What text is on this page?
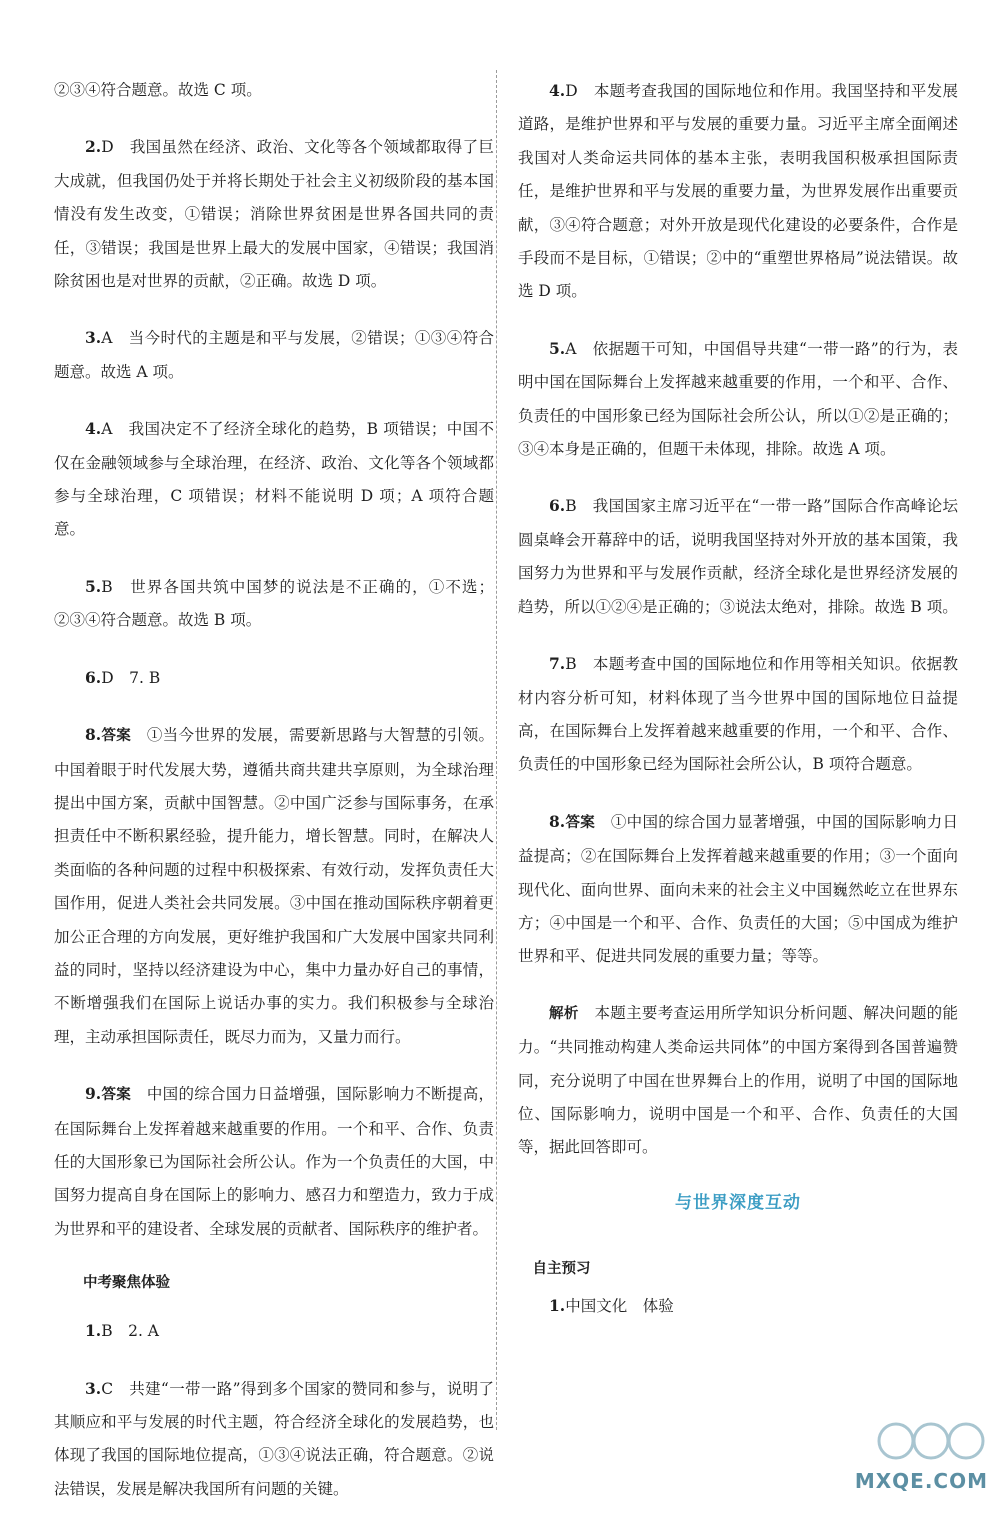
②③④符合题意。故选 C 项。

2.D　我国虽然在经济、政治、文化等各个领域都取得了巨大成就，但我国仍处于并将长期处于社会主义初级阶段的基本国情没有发生改变，①错误；消除世界贫困是世界各国共同的责任，③错误；我国是世界上最大的发展中国家，④错误；我国消除贫困也是对世界的贡献，②正确。故选 D 项。

3.A　当今时代的主题是和平与发展，②错误；①③④符合题意。故选 A 项。

4.A　我国决定不了经济全球化的趋势，B 项错误；中国不仅在金融领域参与全球治理，在经济、政治、文化等各个领域都参与全球治理，C 项错误；材料不能说明 D 项；A 项符合题意。

5.B　世界各国共筑中国梦的说法是不正确的，①不选；②③④符合题意。故选 B 项。

6.D　7. B

8.答案  ①当今世界的发展，需要新思路与大智慧的引领。中国着眼于时代发展大势，遵循共商共建共享原则，为全球治理提出中国方案，贡献中国智慧。②中国广泛参与国际事务，在承担责任中不断积累经验，提升能力，增长智慧。同时，在解决人类面临的各种问题的过程中积极探索、有效行动，发挥负责任大国作用，促进人类社会共同发展。③中国在推动国际秩序朝着更加公正合理的方向发展，更好维护我国和广大发展中国家共同利益的同时，坚持以经济建设为中心，集中力量办好自己的事情，不断增强我们在国际上说话办事的实力。我们积极参与全球治理，主动承担国际责任，既尽力而为，又量力而行。

9.答案  中国的综合国力日益增强，国际影响力不断提高，在国际舞台上发挥着越来越重要的作用。一个和平、合作、负责任的大国形象已为国际社会所公认。作为一个负责任的大国，中国努力提高自身在国际上的影响力、感召力和塑造力，致力于成为世界和平的建设者、全球发展的贡献者、国际秩序的维护者。

中考聚焦体验

1.B　2. A

3.C　共建“一带一路”得到多个国家的赞同和参与，说明了其顺应和平与发展的时代主题，符合经济全球化的发展趋势，也体现了我国的国际地位提高，①③④说法正确，符合题意。②说法错误，发展是解决我国所有问题的关键。

4.D　本题考查我国的国际地位和作用。我国坚持和平发展道路，是维护世界和平与发展的重要力量。习近平主席全面阐述我国对人类命运共同体的基本主张，表明我国积极承担国际责任，是维护世界和平与发展的重要力量，为世界发展作出重要贡献，③④符合题意；对外开放是现代化建设的必要条件，合作是手段而不是目标，①错误；②中的“重塑世界格局”说法错误。故选 D 项。

5.A　依据题干可知，中国倡导共建“一带一路”的行为，表明中国在国际舞台上发挥越来越重要的作用，一个和平、合作、负责任的中国形象已经为国际社会所公认，所以①②是正确的；③④本身是正确的，但题干未体现，排除。故选 A 项。

6.B　我国国家主席习近平在“一带一路”国际合作高峰论坛圆桌峰会开幕辞中的话，说明我国坚持对外开放的基本国策，我国努力为世界和平与发展作贡献，经济全球化是世界经济发展的趋势，所以①②④是正确的；③说法太绝对，排除。故选 B 项。

7.B　本题考查中国的国际地位和作用等相关知识。依据教材内容分析可知，材料体现了当今世界中国的国际地位日益提高，在国际舞台上发挥着越来越重要的作用，一个和平、合作、负责任的中国形象已经为国际社会所公认，B 项符合题意。

8.答案  ①中国的综合国力显著增强，中国的国际影响力日益提高；②在国际舞台上发挥着越来越重要的作用；③一个面向现代化、面向世界、面向未来的社会主义中国巍然屹立在世界东方；④中国是一个和平、合作、负责任的大国；⑤中国成为维护世界和平、促进共同发展的重要力量；等等。

解析  本题主要考查运用所学知识分析问题、解决问题的能力。“共同推动构建人类命运共同体”的中国方案得到各国普遍赞同，充分说明了中国在世界舞台上的作用，说明了中国的国际地位、国际影响力，说明中国是一个和平、合作、负责任的大国等，据此回答即可。

与世界深度互动
自主预习

1.中国文化　体验

MXQE.COM
